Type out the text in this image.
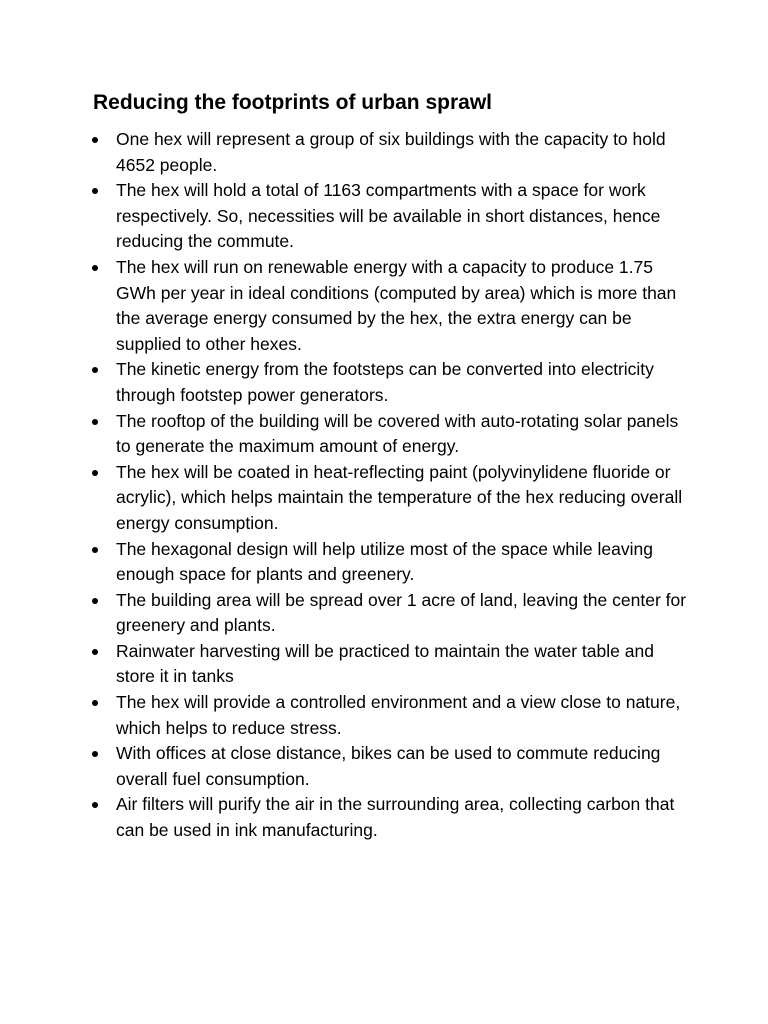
Reducing the footprints of urban sprawl
One hex will represent a group of six buildings with the capacity to hold 4652 people.
The hex will hold a total of 1163 compartments with a space for work respectively. So, necessities will be available in short distances, hence reducing the commute.
The hex will run on renewable energy with a capacity to produce 1.75 GWh per year in ideal conditions (computed by area) which is more than the average energy consumed by the hex, the extra energy can be supplied to other hexes.
The kinetic energy from the footsteps can be converted into electricity through footstep power generators.
The rooftop of the building will be covered with auto-rotating solar panels to generate the maximum amount of energy.
The hex will be coated in heat-reflecting paint (polyvinylidene fluoride or acrylic), which helps maintain the temperature of the hex reducing overall energy consumption.
The hexagonal design will help utilize most of the space while leaving enough space for plants and greenery.
The building area will be spread over 1 acre of land, leaving the center for greenery and plants.
Rainwater harvesting will be practiced to maintain the water table and store it in tanks
The hex will provide a controlled environment and a view close to nature, which helps to reduce stress.
With offices at close distance, bikes can be used to commute reducing overall fuel consumption.
Air filters will purify the air in the surrounding area, collecting carbon that can be used in ink manufacturing.
